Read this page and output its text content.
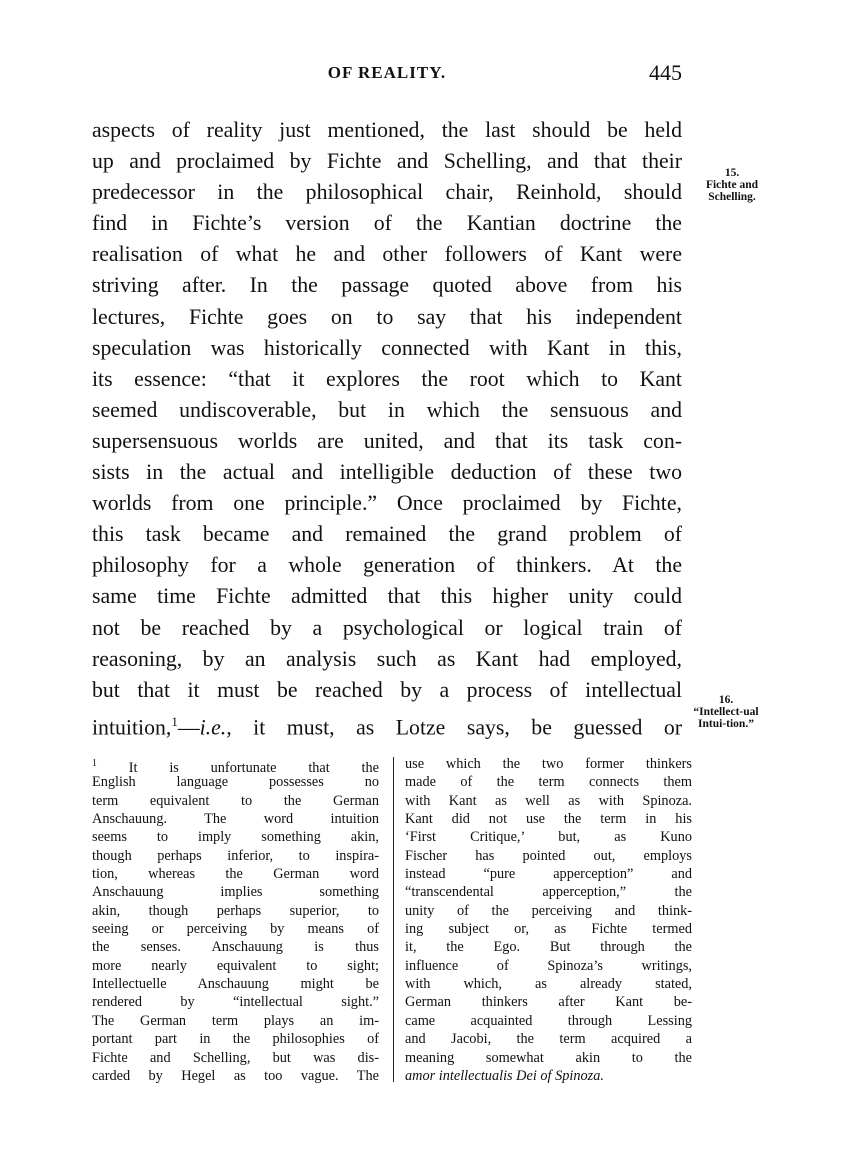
OF REALITY.	445
aspects of reality just mentioned, the last should be held
up and proclaimed by Fichte and Schelling, and that their
predecessor in the philosophical chair, Reinhold, should
find in Fichte’s version of the Kantian doctrine the
realisation of what he and other followers of Kant were
striving after. In the passage quoted above from his
lectures, Fichte goes on to say that his independent
speculation was historically connected with Kant in this,
its essence: “that it explores the root which to Kant
seemed undiscoverable, but in which the sensuous and
supersensuous worlds are united, and that its task con-
sists in the actual and intelligible deduction of these two
worlds from one principle.” Once proclaimed by Fichte,
this task became and remained the grand problem of
philosophy for a whole generation of thinkers. At the
same time Fichte admitted that this higher unity could
not be reached by a psychological or logical train of
reasoning, by an analysis such as Kant had employed,
but that it must be reached by a process of intellectual
intuition,$^1$—i.e., it must, as Lotze says, be guessed or
15.
Fichte and Schelling.
16.
“Intellect-ual Intui-tion.”
$^1$ It is unfortunate that the
English language possesses no
term equivalent to the German
Anschauung. The word intuition
seems to imply something akin,
though perhaps inferior, to inspira-
tion, whereas the German word
Anschauung implies something
akin, though perhaps superior, to
seeing or perceiving by means of
the senses. Anschauung is thus
more nearly equivalent to sight;
Intellectuelle Anschauung might be
rendered by “intellectual sight.”
The German term plays an im-
portant part in the philosophies of
Fichte and Schelling, but was dis-
carded by Hegel as too vague. The
use which the two former thinkers
made of the term connects them
with Kant as well as with Spinoza.
Kant did not use the term in his
‘First Critique,’ but, as Kuno
Fischer has pointed out, employs
instead “pure apperception” and
“transcendental apperception,” the
unity of the perceiving and think-
ing subject or, as Fichte termed
it, the Ego. But through the
influence of Spinoza’s writings,
with which, as already stated,
German thinkers after Kant be-
came acquainted through Lessing
and Jacobi, the term acquired a
meaning somewhat akin to the
amor intellectualis Dei of Spinoza.
